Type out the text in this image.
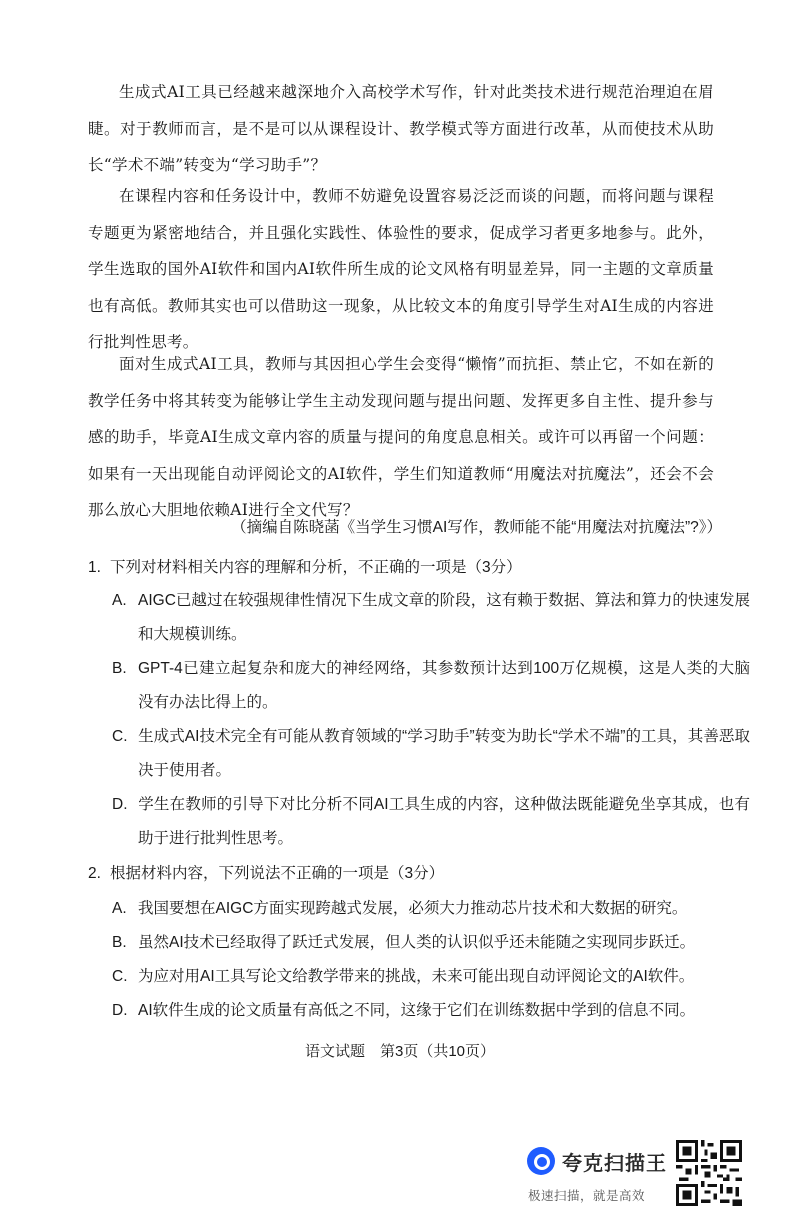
生成式AI工具已经越来越深地介入高校学术写作，针对此类技术进行规范治理迫在眉睫。对于教师而言，是不是可以从课程设计、教学模式等方面进行改革，从而使技术从助长“学术不端”转变为“学习助手”？
在课程内容和任务设计中，教师不妨避免设置容易泛泛而谈的问题，而将问题与课程专题更为紧密地结合，并且强化实践性、体验性的要求，促成学习者更多地参与。此外，学生选取的国外AI软件和国内AI软件所生成的论文风格有明显差异，同一主题的文章质量也有高低。教师其实也可以借助这一现象，从比较文本的角度引导学生对AI生成的内容进行批判性思考。
面对生成式AI工具，教师与其因担心学生会变得“懒惰”而抗拒、禁止它，不如在新的教学任务中将其转变为能够让学生主动发现问题与提出问题、发挥更多自主性、提升参与感的助手，毕竟AI生成文章内容的质量与提问的角度息息相关。或许可以再留一个问题：如果有一天出现能自动评阅论文的AI软件，学生们知道教师“用魔法对抗魔法”，还会不会那么放心大胆地依赖AI进行全文代写？
（摘编自陈晓菡《当学生习惯AI写作，教师能不能“用魔法对抗魔法”?》）
1. 下列对材料相关内容的理解和分析，不正确的一项是（3分）
A. AIGC已越过在较强规律性情况下生成文章的阶段，这有赖于数据、算法和算力的快速发展和大规模训练。
B. GPT-4已建立起复杂和庞大的神经网络，其参数预计达到100万亿规模，这是人类的大脑没有办法比得上的。
C. 生成式AI技术完全有可能从教育领域的“学习助手”转变为助长“学术不端”的工具，其善恶取决于使用者。
D. 学生在教师的引导下对比分析不同AI工具生成的内容，这种做法既能避免坐享其成，也有助于进行批判性思考。
2. 根据材料内容，下列说法不正确的一项是（3分）
A. 我国要想在AIGC方面实现跨越式发展，必须大力推动芯片技术和大数据的研究。
B. 虽然AI技术已经取得了跃迁式发展，但人类的认识似乎还未能随之实现同步跃迁。
C. 为应对用AI工具写论文给教学带来的挑战，未来可能出现自动评阅论文的AI软件。
D. AI软件生成的论文质量有高低之不同，这缘于它们在训练数据中学到的信息不同。
语文试题　第3页（共10页）
夸克扫描王
极速扫描，就是高效
